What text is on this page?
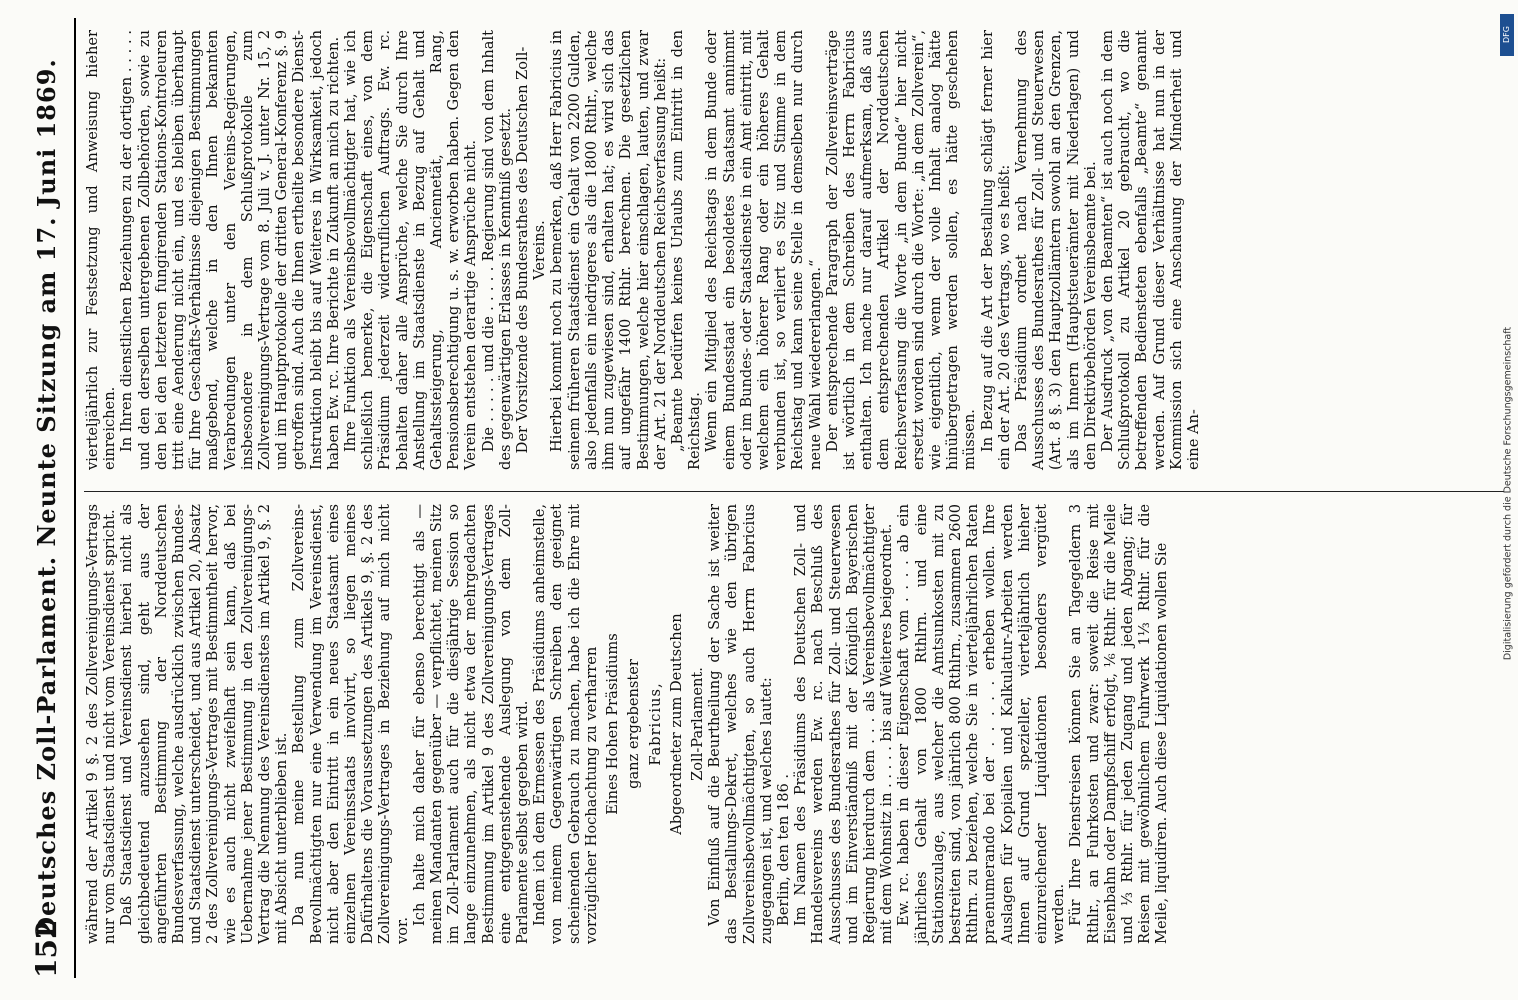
152
Deutsches Zoll-Parlament. Neunte Sitzung am 17. Juni 1869. während der Artikel 9 §. 2 des Zollvereinigungs-Vertrags nur vom Staatsdienst und nicht vom Vereinsdienst spricht. Daß Staatsdienst und Vereinsdienst hierbei nicht als gleichbedeutend anzusehen sind, geht aus der angeführten Bestimmung der Norddeutschen Bundesverfassung, welche ausdrücklich zwischen Bundes- und Staatsdienst unterscheidet, und aus Artikel 20, Absatz 2 des Zollvereinigungs-Vertrages mit Bestimmtheit hervor, wie es auch nicht zweifelhaft sein kann, daß bei Uebernahme jener Bestimmung in den Zollvereinigungs-Vertrag die Nennung des Vereinsdienstes im Artikel 9, §. 2 mit Absicht unterblieben ist. Da nun meine Bestellung zum Zollvereins-Bevollmächtigten nur eine Verwendung im Vereinsdienst, nicht aber den Eintritt in ein neues Staatsamt eines einzelnen Vereinsstaats involvirt, so liegen meines Dafürhaltens die Voraussetzungen des Artikels 9, §. 2 des Zollvereinigungs-Vertrages in Beziehung auf mich nicht vor.

Ich halte mich daher für ebenso berechtigt als — meinen Mandanten gegenüber — verpflichtet, meinen Sitz im Zoll-Parlament auch für die diesjährige Session so lange einzunehmen, als nicht etwa der mehrgedachten Bestimmung im Artikel 9 des Zollvereinigungs-Vertrages eine entgegenstehende Auslegung von dem Zoll-Parlamente selbst gegeben wird. Indem ich dem Ermessen des Präsidiums anheimstelle, von meinem Gegenwärtigen Schreiben den geeignet scheinenden Gebrauch zu machen, habe ich die Ehre mit vorzüglicher Hochachtung zu verharren Eines Hohen Präsidiums ganz ergebenster Fabricius, Abgeordneter zum Deutschen Zoll-Parlament. Von Einfluß auf die Beurtheilung der Sache ist weiter das Bestallungs-Dekret, welches wie den übrigen Zollvereinsbevollmächtigten, so auch Herrn Fabricius zugegangen ist, und welches lautet: Berlin, den ten 186 . Im Namen des Präsidiums des Deutschen Zoll- und Handelsvereins werden Ew. rc. nach Beschluß des Ausschusses des Bundesrathes für Zoll- und Steuerwesen und im Einverständniß mit der Königlich Bayerischen Regierung hierdurch dem . . . als Vereinsbevollmächtigter mit dem Wohnsitz in . . . . . bis auf Weiteres beigeordnet. Ew. rc. haben in dieser Eigenschaft vom . . . . ab ein jährliches Gehalt von 1800 Rthlrn. und eine Stationszulage, aus welcher die Amtsunkosten mit zu bestreiten sind, von jährlich 800 Rthlrn., zusammen 2600 Rthlrn. zu beziehen, welche Sie in vierteljährlichen Raten praenumerando bei der . . . . . erheben wollen. Ihre Auslagen für Kopialien und Kalkulatur-Arbeiten werden Ihnen auf Grund spezieller, vierteljährlich hieher einzureichender Liquidationen besonders vergütet werden. Für Ihre Dienstreisen können Sie an Tagegeldern 3 Rthlr., an Fuhrkosten und zwar: soweit die Reise mit Eisenbahn oder Dampfschiff erfolgt, ⅙ Rthlr. für die Meile und ⅓ Rthlr. für jeden Zugang und jeden Abgang; für Reisen mit gewöhnlichem Fuhrwerk 1⅓ Rthlr. für die Meile, liquidiren. Auch diese Liquidationen wollen Sie

vierteljährlich zur Festsetzung und Anweisung hieher einreichen. In Ihren dienstlichen Beziehungen zu der dortigen . . . . . und den derselben untergebenen Zollbehörden, sowie zu den bei den letzteren fungirenden Stations-Kontroleuren tritt eine Aenderung nicht ein, und es bleiben überhaupt für Ihre Geschäfts-Verhältnisse diejenigen Bestimmungen maßgebend, welche in den Ihnen bekannten Verabredungen unter den Vereins-Regierungen, insbesondere in dem Schlußprotokolle zum Zollvereinigungs-Vertrage vom 8. Juli v. J. unter Nr. 15, 2 und im Hauptprotokolle der dritten General-Konferenz §. 9 getroffen sind. Auch die Ihnen ertheilte besondere Dienst-Instruktion bleibt bis auf Weiteres in Wirksamkeit, jedoch haben Ew. rc. Ihre Berichte in Zukunft an mich zu richten. Ihre Funktion als Vereinsbevollmächtigter hat, wie ich schließlich bemerke, die Eigenschaft eines, von dem Präsidium jederzeit widerruflichen Auftrags. Ew. rc. behalten daher alle Ansprüche, welche Sie durch Ihre Anstellung im Staatsdienste in Bezug auf Gehalt und Gehaltssteigerung, Anciennetät, Rang, Pensionsberechtigung u. s. w. erworben haben. Gegen den Verein entstehen derartige Ansprüche nicht. Die . . . . . und die . . . . . Regierung sind von dem Inhalt des gegenwärtigen Erlasses in Kenntniß gesetzt. Der Vorsitzende des Bundesrathes des Deutschen Zoll-Vereins. Hierbei kommt noch zu bemerken, daß Herr Fabricius in seinem früheren Staatsdienst ein Gehalt von 2200 Gulden, also jedenfalls ein niedrigeres als die 1800 Rthlr., welche ihm nun zugewiesen sind, erhalten hat; es wird sich das auf ungefähr 1400 Rthlr. berechnen. Die gesetzlichen Bestimmungen, welche hier einschlagen, lauten, und zwar der Art. 21 der Norddeutschen Reichsverfassung heißt: „Beamte bedürfen keines Urlaubs zum Eintritt in den Reichstag. Wenn ein Mitglied des Reichstags in dem Bunde oder einem Bundesstaat ein besoldetes Staatsamt annimmt oder im Bundes- oder Staatsdienste in ein Amt eintritt, mit welchem ein höherer Rang oder ein höheres Gehalt verbunden ist, so verliert es Sitz und Stimme in dem Reichstag und kann seine Stelle in demselben nur durch neue Wahl wiedererlangen.“ Der entsprechende Paragraph der Zollvereinsverträge ist wörtlich in dem Schreiben des Herrn Fabricius enthalten. Ich mache nur darauf aufmerksam, daß aus dem entsprechenden Artikel der Norddeutschen Reichsverfassung die Worte „in dem Bunde“ hier nicht ersetzt worden sind durch die Worte: „in dem Zollverein“, wie eigentlich, wenn der volle Inhalt analog hätte hinübergetragen werden sollen, es hätte geschehen müssen. In Bezug auf die Art der Bestallung schlägt ferner hier ein der Art. 20 des Vertrags, wo es heißt: Das Präsidium ordnet nach Vernehmung des Ausschusses des Bundesrathes für Zoll- und Steuerwesen (Art. 8 §. 3) den Hauptzollämtern sowohl an den Grenzen, als im Innern (Hauptsteuerämter mit Niederlagen) und den Direktivbehörden Vereinsbeamte bei. Der Ausdruck „von den Beamten“ ist auch noch in dem Schlußprotokoll zu Artikel 20 gebraucht, wo die betreffenden Bediensteten ebenfalls „Beamte“ genannt werden. Auf Grund dieser Verhältnisse hat nun in der Kommission sich eine Anschauung der Minderheit und eine An-

DFG
Digitalisierung gefördert durch die Deutsche Forschungsgemeinschaft
